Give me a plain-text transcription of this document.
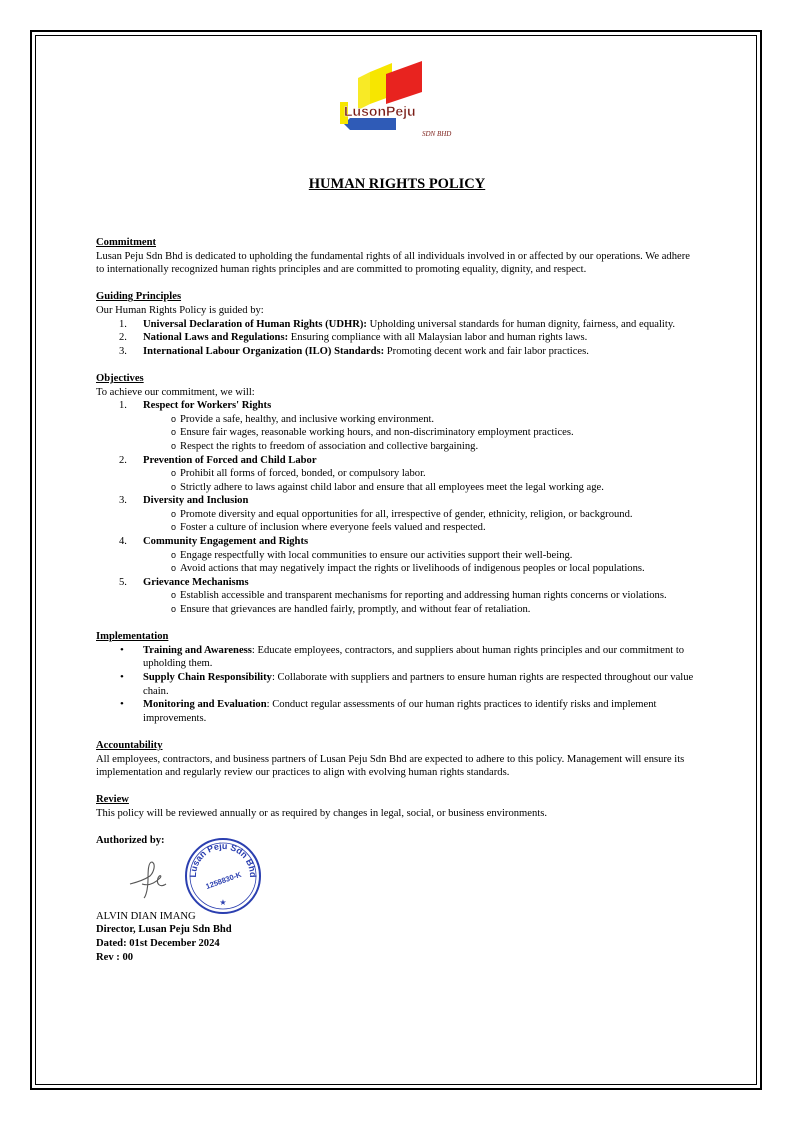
LusonPeju
SDN BHD
HUMAN RIGHTS POLICY
Commitment

Lusan Peju Sdn Bhd is dedicated to upholding the fundamental rights of all individuals involved in or affected by our operations. We adhere to internationally recognized human rights principles and are committed to promoting equality, dignity, and respect.

Guiding Principles

Our Human Rights Policy is guided by:

1. Universal Declaration of Human Rights (UDHR): Upholding universal standards for human dignity, fairness, and equality.
2. National Laws and Regulations: Ensuring compliance with all Malaysian labor and human rights laws.
3. International Labour Organization (ILO) Standards: Promoting decent work and fair labor practices.
Objectives

To achieve our commitment, we will:

1. Respect for Workers' Rights
o Provide a safe, healthy, and inclusive working environment.
o Ensure fair wages, reasonable working hours, and non-discriminatory employment practices.
o Respect the rights to freedom of association and collective bargaining.
2. Prevention of Forced and Child Labor
o Prohibit all forms of forced, bonded, or compulsory labor.
o Strictly adhere to laws against child labor and ensure that all employees meet the legal working age.
3. Diversity and Inclusion
o Promote diversity and equal opportunities for all, irrespective of gender, ethnicity, religion, or background.
o Foster a culture of inclusion where everyone feels valued and respected.
4. Community Engagement and Rights
o Engage respectfully with local communities to ensure our activities support their well-being.
o Avoid actions that may negatively impact the rights or livelihoods of indigenous peoples or local populations.
5. Grievance Mechanisms
o Establish accessible and transparent mechanisms for reporting and addressing human rights concerns or violations.
o Ensure that grievances are handled fairly, promptly, and without fear of retaliation.
Implementation
• Training and Awareness: Educate employees, contractors, and suppliers about human rights principles and our commitment to upholding them.
• Supply Chain Responsibility: Collaborate with suppliers and partners to ensure human rights are respected throughout our value chain.
• Monitoring and Evaluation: Conduct regular assessments of our human rights practices to identify risks and implement improvements.
Accountability

All employees, contractors, and business partners of Lusan Peju Sdn Bhd are expected to adhere to this policy. Management will ensure its implementation and regularly review our practices to align with evolving human rights standards.

Review

This policy will be reviewed annually or as required by changes in legal, social, or business environments.

Authorized by:
Lusan Peju Sdn Bhd
1258830-K
★
ALVIN DIAN IMANG
Director, Lusan Peju Sdn Bhd
Dated: 01st December 2024
Rev : 00
